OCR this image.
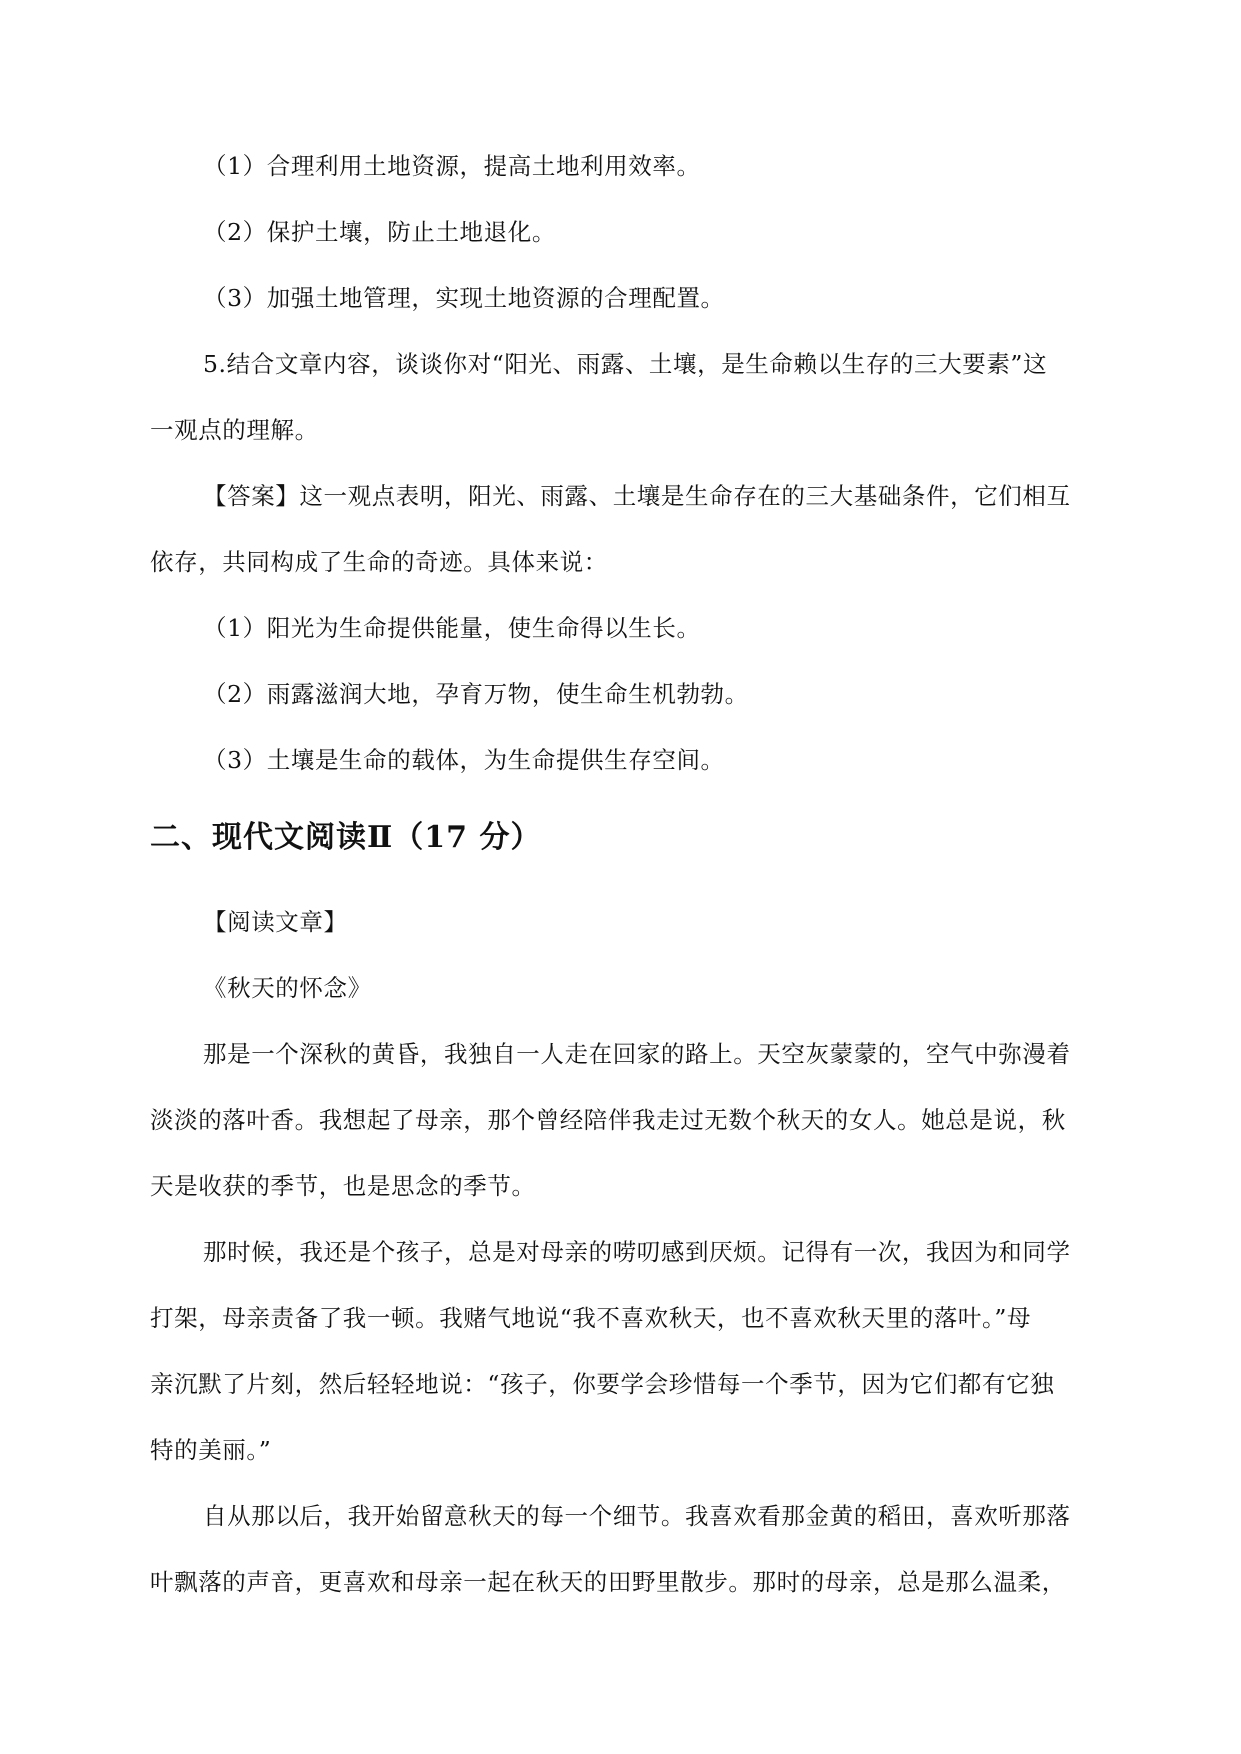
（1）合理利用土地资源，提高土地利用效率。
（2）保护土壤，防止土地退化。
（3）加强土地管理，实现土地资源的合理配置。
5.结合文章内容，谈谈你对“阳光、雨露、土壤，是生命赖以生存的三大要素”这
一观点的理解。
【答案】这一观点表明，阳光、雨露、土壤是生命存在的三大基础条件，它们相互
依存，共同构成了生命的奇迹。具体来说：
（1）阳光为生命提供能量，使生命得以生长。
（2）雨露滋润大地，孕育万物，使生命生机勃勃。
（3）土壤是生命的载体，为生命提供生存空间。
二、现代文阅读Ⅱ（17 分）
【阅读文章】
《秋天的怀念》
那是一个深秋的黄昏，我独自一人走在回家的路上。天空灰蒙蒙的，空气中弥漫着
淡淡的落叶香。我想起了母亲，那个曾经陪伴我走过无数个秋天的女人。她总是说，秋
天是收获的季节，也是思念的季节。
那时候，我还是个孩子，总是对母亲的唠叨感到厌烦。记得有一次，我因为和同学
打架，母亲责备了我一顿。我赌气地说“我不喜欢秋天，也不喜欢秋天里的落叶。”母
亲沉默了片刻，然后轻轻地说：“孩子，你要学会珍惜每一个季节，因为它们都有它独
特的美丽。”
自从那以后，我开始留意秋天的每一个细节。我喜欢看那金黄的稻田，喜欢听那落
叶飘落的声音，更喜欢和母亲一起在秋天的田野里散步。那时的母亲，总是那么温柔，
